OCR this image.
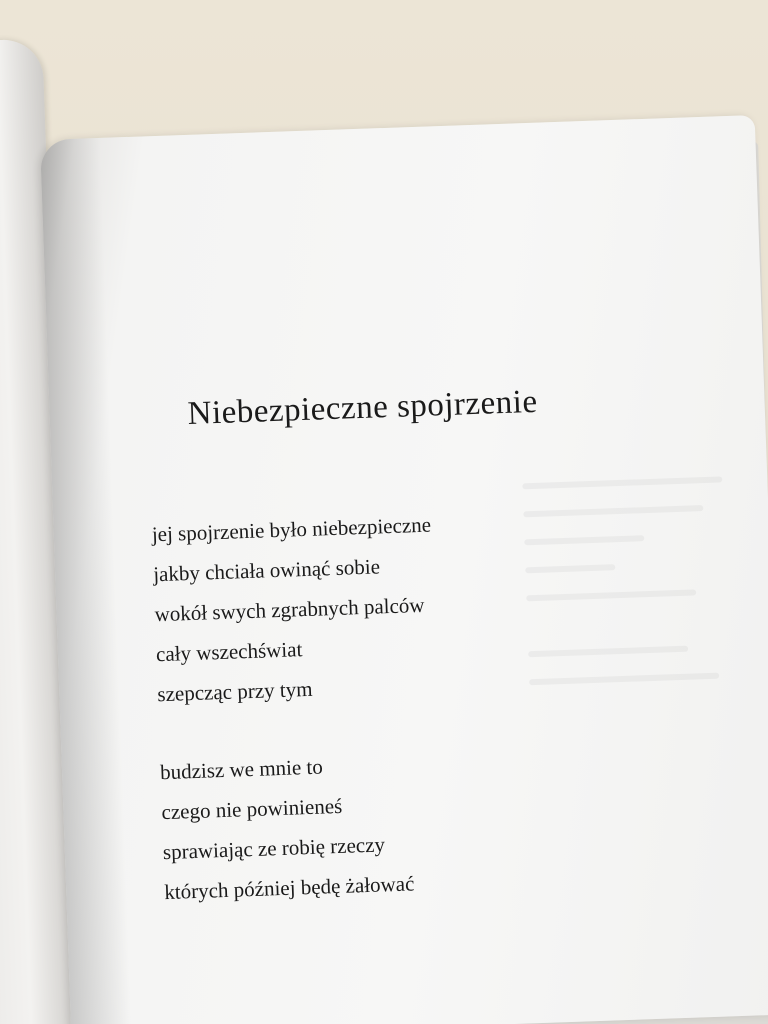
Niebezpieczne spojrzenie
jej spojrzenie było niebezpieczne
jakby chciała owinąć sobie
wokół swych zgrabnych palców
cały wszechświat
szepcząc przy tym
budzisz we mnie to
czego nie powinieneś
sprawiając ze robię rzeczy
których później będę żałować
